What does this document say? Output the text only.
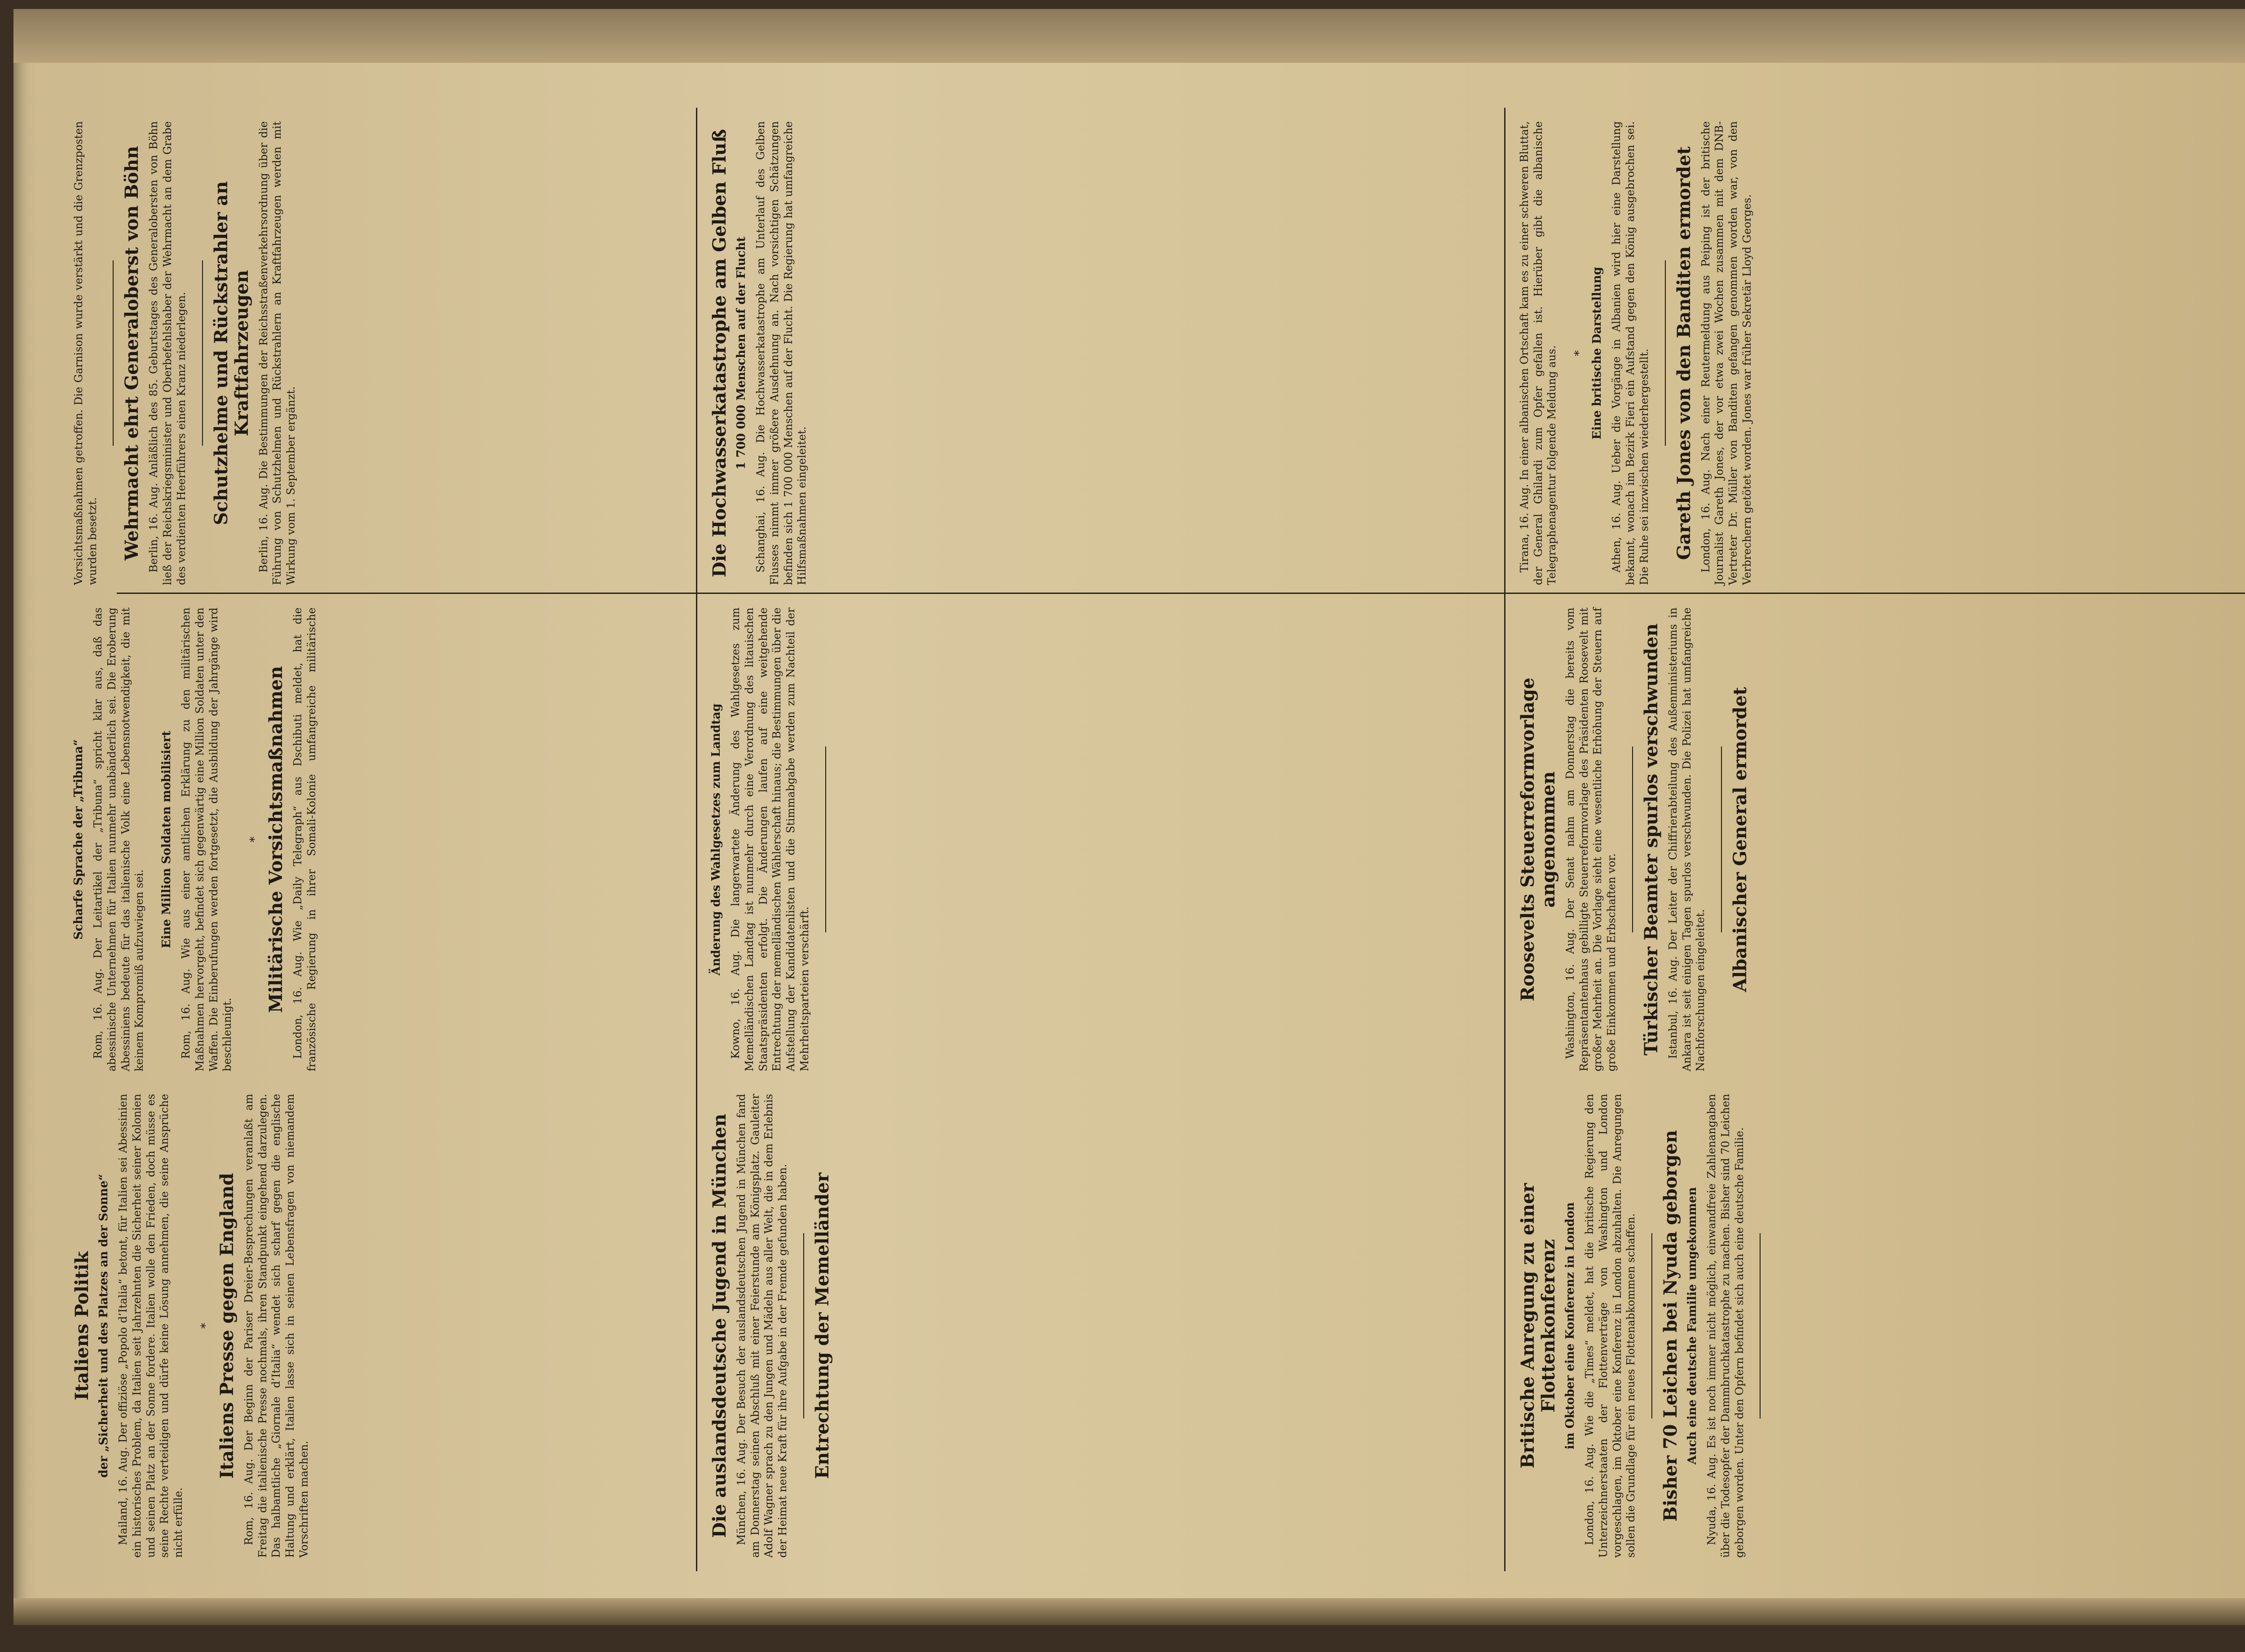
Italiens Politik der „Sicherheit und des Platzes an der Sonne“ Mailand, 16. Aug. Der offiziöse „Popolo d’Italia“ betont, für Italien sei Abessinien ein historisches Problem, da Italien seit Jahrzehnten die Sicherheit seiner Kolonien und seinen Platz an der Sonne fordere. Italien wolle den Frieden, doch müsse es seine Rechte verteidigen und dürfe keine Lösung annehmen, die seine Ansprüche nicht erfülle.

* Italiens Presse gegen England Rom, 16. Aug. Der Beginn der Pariser Dreier-Besprechungen veranlaßt am Freitag die italienische Presse nochmals, ihren Standpunkt eingehend darzulegen. Das halbamtliche „Giornale d’Italia“ wendet sich scharf gegen die englische Haltung und erklärt, Italien lasse sich in seinen Lebensfragen von niemandem Vorschriften machen.

Scharfe Sprache der „Tribuna“ Rom, 16. Aug. Der Leitartikel der „Tribuna“ spricht klar aus, daß das abessinische Unternehmen für Italien nunmehr unabänderlich sei. Die Eroberung Abessiniens bedeute für das italienische Volk eine Lebensnotwendigkeit, die mit keinem Kompromiß aufzuwiegen sei.

Eine Million Soldaten mobilisiert Rom, 16. Aug. Wie aus einer amtlichen Erklärung zu den militärischen Maßnahmen hervorgeht, befindet sich gegenwärtig eine Million Soldaten unter den Waffen. Die Einberufungen werden fortgesetzt, die Ausbildung der Jahrgänge wird beschleunigt.

* Militärische Vorsichtsmaßnahmen London, 16. Aug. Wie „Daily Telegraph“ aus Dschibuti meldet, hat die französische Regierung in ihrer Somali-Kolonie umfangreiche militärische Vorsichtsmaßnahmen getroffen. Die Garnison wurde verstärkt und die Grenzposten wurden besetzt.	Wehrmacht ehrt Generaloberst von Böhn Berlin, 16. Aug. Anläßlich des 85. Geburtstages des Generalobersten von Böhn ließ der Reichskriegsminister und Oberbefehlshaber der Wehrmacht an dem Grabe des verdienten Heerführers einen Kranz niederlegen. Schutzhelme und Rückstrahler an Kraftfahrzeugen Berlin, 16. Aug. Die Bestimmungen der Reichsstraßenverkehrsordnung über die Führung von Schutzhelmen und Rückstrahlern an Kraftfahrzeugen werden mit Wirkung vom 1. September ergänzt.

Die auslandsdeutsche Jugend in München München, 16. Aug. Der Besuch der auslandsdeutschen Jugend in München fand am Donnerstag seinen Abschluß mit einer Feierstunde am Königsplatz. Gauleiter Adolf Wagner sprach zu den Jungen und Mädeln aus aller Welt, die in dem Erlebnis der Heimat neue Kraft für ihre Aufgabe in der Fremde gefunden haben. Entrechtung der Memelländer
Änderung des Wahlgesetzes zum Landtag Kowno, 16. Aug. Die langerwartete Änderung des Wahlgesetzes zum Memelländischen Landtag ist nunmehr durch eine Verordnung des litauischen Staatspräsidenten erfolgt. Die Änderungen laufen auf eine weitgehende Entrechtung der memelländischen Wählerschaft hinaus; die Bestimmungen über die Aufstellung der Kandidatenlisten und die Stimmabgabe werden zum Nachteil der Mehrheitsparteien verschärft.

Die Hochwasserkatastrophe am Gelben Fluß 1 700 000 Menschen auf der Flucht Schanghai, 16. Aug. Die Hochwasserkatastrophe am Unterlauf des Gelben Flusses nimmt immer größere Ausdehnung an. Nach vorsichtigen Schätzungen befinden sich 1 700 000 Menschen auf der Flucht. Die Regierung hat umfangreiche Hilfsmaßnahmen eingeleitet.

Britische Anregung zu einer Flottenkonferenz im Oktober eine Konferenz in London London, 16. Aug. Wie die „Times“ meldet, hat die britische Regierung den Unterzeichnerstaaten der Flottenverträge von Washington und London vorgeschlagen, im Oktober eine Konferenz in London abzuhalten. Die Anregungen sollen die Grundlage für ein neues Flottenabkommen schaffen. Bisher 70 Leichen bei Nyuda geborgen Auch eine deutsche Familie umgekommen Nyuda, 16. Aug. Es ist noch immer nicht möglich, einwandfreie Zahlenangaben über die Todesopfer der Dammbruchkatastrophe zu machen. Bisher sind 70 Leichen geborgen worden. Unter den Opfern befindet sich auch eine deutsche Familie.

Roosevelts Steuerreformvorlage angenommen Washington, 16. Aug. Der Senat nahm am Donnerstag die bereits vom Repräsentantenhaus gebilligte Steuerreformvorlage des Präsidenten Roosevelt mit großer Mehrheit an. Die Vorlage sieht eine wesentliche Erhöhung der Steuern auf große Einkommen und Erbschaften vor. Türkischer Beamter spurlos verschwunden Istanbul, 16. Aug. Der Leiter der Chiffrierabteilung des Außenministeriums in Ankara ist seit einigen Tagen spurlos verschwunden. Die Polizei hat umfangreiche Nachforschungen eingeleitet. Albanischer General ermordet

Tirana, 16. Aug. In einer albanischen Ortschaft kam es zu einer schweren Bluttat, der General Ghilardi zum Opfer gefallen ist. Hierüber gibt die albanische Telegraphenagentur folgende Meldung aus. * Eine britische Darstellung Athen, 16. Aug. Ueber die Vorgänge in Albanien wird hier eine Darstellung bekannt, wonach im Bezirk Fieri ein Aufstand gegen den König ausgebrochen sei. Die Ruhe sei inzwischen wiederhergestellt. Gareth Jones von den Banditen ermordet London, 16. Aug. Nach einer Reutermeldung aus Peiping ist der britische Journalist Gareth Jones, der vor etwa zwei Wochen zusammen mit dem DNB-Vertreter Dr. Müller von Banditen gefangen genommen worden war, von den Verbrechern getötet worden. Jones war früher Sekretär Lloyd Georges.
